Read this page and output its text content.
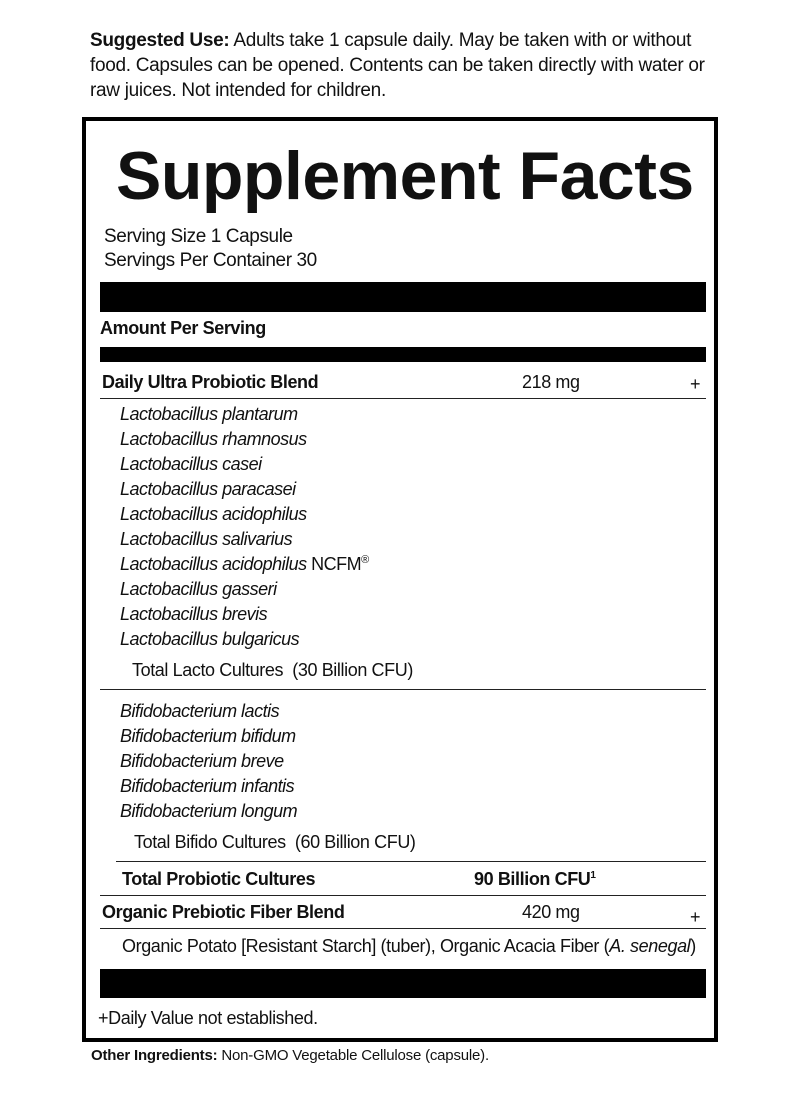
Suggested Use: Adults take 1 capsule daily. May be taken with or without food. Capsules can be opened. Contents can be taken directly with water or raw juices. Not intended for children.
Supplement Facts
Serving Size 1 Capsule
Servings Per Container 30
Amount Per Serving
Daily Ultra Probiotic Blend	218 mg	+
Lactobacillus plantarum
Lactobacillus rhamnosus
Lactobacillus casei
Lactobacillus paracasei
Lactobacillus acidophilus
Lactobacillus salivarius
Lactobacillus acidophilus NCFM®
Lactobacillus gasseri
Lactobacillus brevis
Lactobacillus bulgaricus
Total Lacto Cultures  (30 Billion CFU)
Bifidobacterium lactis
Bifidobacterium bifidum
Bifidobacterium breve
Bifidobacterium infantis
Bifidobacterium longum
Total Bifido Cultures  (60 Billion CFU)
Total Probiotic Cultures	90 Billion CFU$^1$
Organic Prebiotic Fiber Blend	420 mg	+
Organic Potato [Resistant Starch] (tuber), Organic Acacia Fiber (A. senegal)
+Daily Value not established.
Other Ingredients: Non-GMO Vegetable Cellulose (capsule).
